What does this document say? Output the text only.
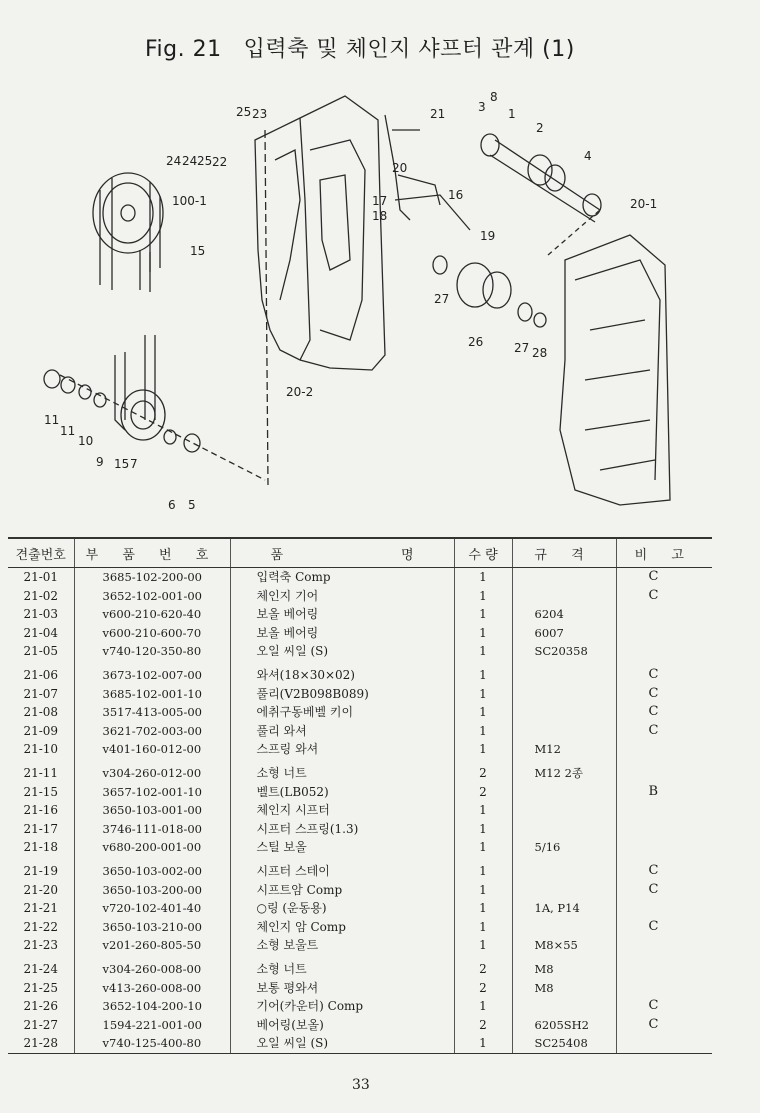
Fig. 21 입력축 및 체인지 샤프터 관계 (1)
25 23	21	3
8
1
2
4
24 24 25 22	20
17
18
16
19
100-1
15
20-1
27
26	27 28
20-2
11
11
10
9 15 7
6 5
견출번호	부 품 번 호	품 명	수 량	규 격	비 고
21-01	3685-102-200-00	입력축 Comp	1		C
21-02	3652-102-001-00	체인지 기어	1		C
21-03	v600-210-620-40	보올 베어링	1	6204	
21-04	v600-210-600-70	보올 베어링	1	6007	
21-05	v740-120-350-80	오일 씨일 (S)	1	SC20358	
21-06	3673-102-007-00	와셔(18×30×02)	1		C
21-07	3685-102-001-10	풀리(V2B098B089)	1		C
21-08	3517-413-005-00	에취구동베벨 키이	1		C
21-09	3621-702-003-00	풀리 와셔	1		C
21-10	v401-160-012-00	스프링 와셔	1	M12	
21-11	v304-260-012-00	소형 너트	2	M12 2종	
21-15	3657-102-001-10	벨트(LB052)	2		B
21-16	3650-103-001-00	체인지 시프터	1		
21-17	3746-111-018-00	시프터 스프링(1.3)	1		
21-18	v680-200-001-00	스틸 보올	1	5/16	
21-19	3650-103-002-00	시프터 스테이	1		C
21-20	3650-103-200-00	시프트암 Comp	1		C
21-21	v720-102-401-40	○링 (운동용)	1	1A, P14	
21-22	3650-103-210-00	체인지 암 Comp	1		C
21-23	v201-260-805-50	소형 보울트	1	M8×55	
21-24	v304-260-008-00	소형 너트	2	M8	
21-25	v413-260-008-00	보통 평와셔	2	M8	
21-26	3652-104-200-10	기어(카운터) Comp	1		C
21-27	1594-221-001-00	베어링(보올)	2	6205SH2	C
21-28	v740-125-400-80	오일 씨일 (S)	1	SC25408	
33
